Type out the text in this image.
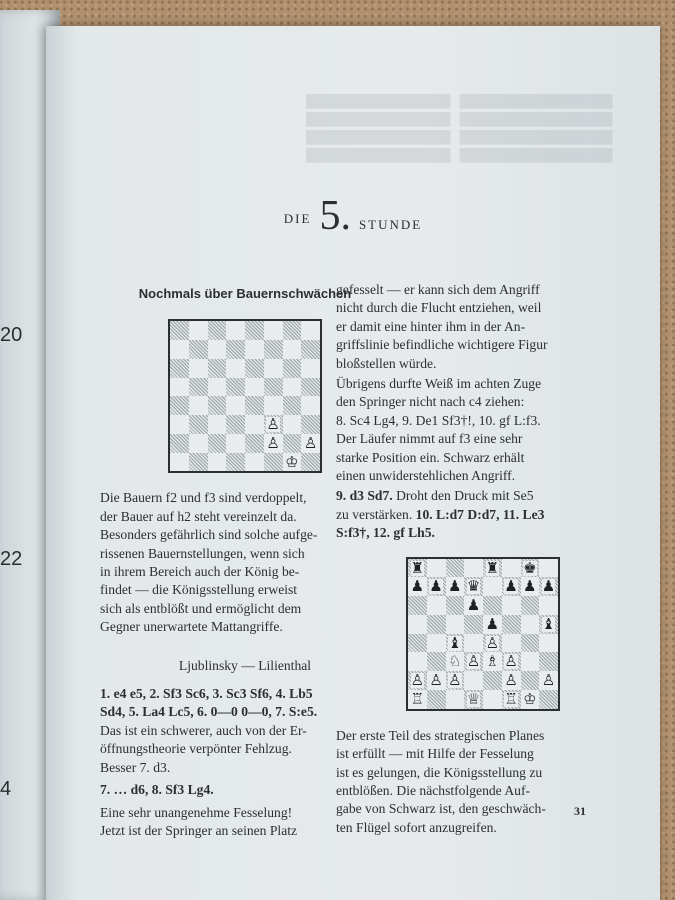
20
22
4
█████████████████   ██████████████████
█████████████████   ██████████████████
█████████████████   ██████████████████
█████████████████   ██████████████████
$^{DIE}$ 5. STUNDE
Nochmals über Bauernschwächen
♙
♙ ♙
♔
Die Bauern f2 und f3 sind verdoppelt,
der Bauer auf h2 steht vereinzelt da.
Besonders gefährlich sind solche aufge-
rissenen Bauernstellungen, wenn sich
in ihrem Bereich auch der König be-
findet — die Königsstellung erweist
sich als entblößt und ermöglicht dem
Gegner unerwartete Mattangriffe.
Ljublinsky — Lilienthal
1. e4 e5, 2. Sf3 Sc6, 3. Sc3 Sf6, 4. Lb5
Sd4, 5. La4 Lc5, 6. 0—0 0—0, 7. S:e5.
Das ist ein schwerer, auch von der Er-
öffnungstheorie verpönter Fehlzug.
Besser 7. d3.
7. … d6, 8. Sf3 Lg4.
Eine sehr unangenehme Fesselung!
Jetzt ist der Springer an seinen Platz
gefesselt — er kann sich dem Angriff
nicht durch die Flucht entziehen, weil
er damit eine hinter ihm in der An-
griffslinie befindliche wichtigere Figur
bloßstellen würde.
Übrigens durfte Weiß im achten Zuge
den Springer nicht nach c4 ziehen:
8. Sc4 Lg4, 9. De1 Sf3†!, 10. gf L:f3.
Der Läufer nimmt auf f3 eine sehr
starke Position ein. Schwarz erhält
einen unwiderstehlichen Angriff.
9. d3 Sd7. Droht den Druck mit Se5
zu verstärken. 10. L:d7 D:d7, 11. Le3
S:f3†, 12. gf Lh5.
♜	♜ ♚
♟ ♟ ♟ ♛ ♟ ♟ ♟
♟
♟	♝
♝ ♙
♘ ♙ ♗ ♙
♙ ♙ ♙	♙ ♙
♖	♕ ♖ ♔
Der erste Teil des strategischen Planes
ist erfüllt — mit Hilfe der Fesselung
ist es gelungen, die Königsstellung zu
entblößen. Die nächstfolgende Auf-
gabe von Schwarz ist, den geschwäch-
ten Flügel sofort anzugreifen.
31
